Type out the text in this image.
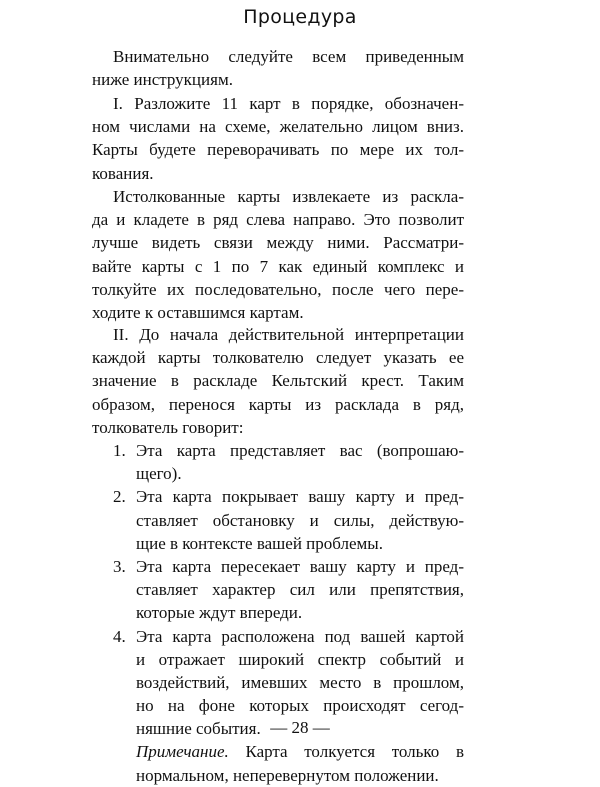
Процедура
Внимательно следуйте всем приведенным
ниже инструкциям.
I. Разложите 11 карт в порядке, обозначен-
ном числами на схеме, желательно лицом вниз.
Карты будете переворачивать по мере их тол-
кования.
Истолкованные карты извлекаете из раскла-
да и кладете в ряд слева направо. Это позволит
лучше видеть связи между ними. Рассматри-
вайте карты с 1 по 7 как единый комплекс и
толкуйте их последовательно, после чего пере-
ходите к оставшимся картам.
II. До начала действительной интерпретации
каждой карты толкователю следует указать ее
значение в раскладе Кельтский крест. Таким
образом, перенося карты из расклада в ряд,
толкователь говорит:
1. Эта карта представляет вас (вопрошаю-
щего).
2. Эта карта покрывает вашу карту и пред-
ставляет обстановку и силы, действую-
щие в контексте вашей проблемы.
3. Эта карта пересекает вашу карту и пред-
ставляет характер сил или препятствия,
которые ждут впереди.
4. Эта карта расположена под вашей картой
и отражает широкий спектр событий и
воздействий, имевших место в прошлом,
но на фоне которых происходят сегод-
няшние события.
Примечание. Карта толкуется только в
нормальном, неперевернутом положении.
— 28 —
